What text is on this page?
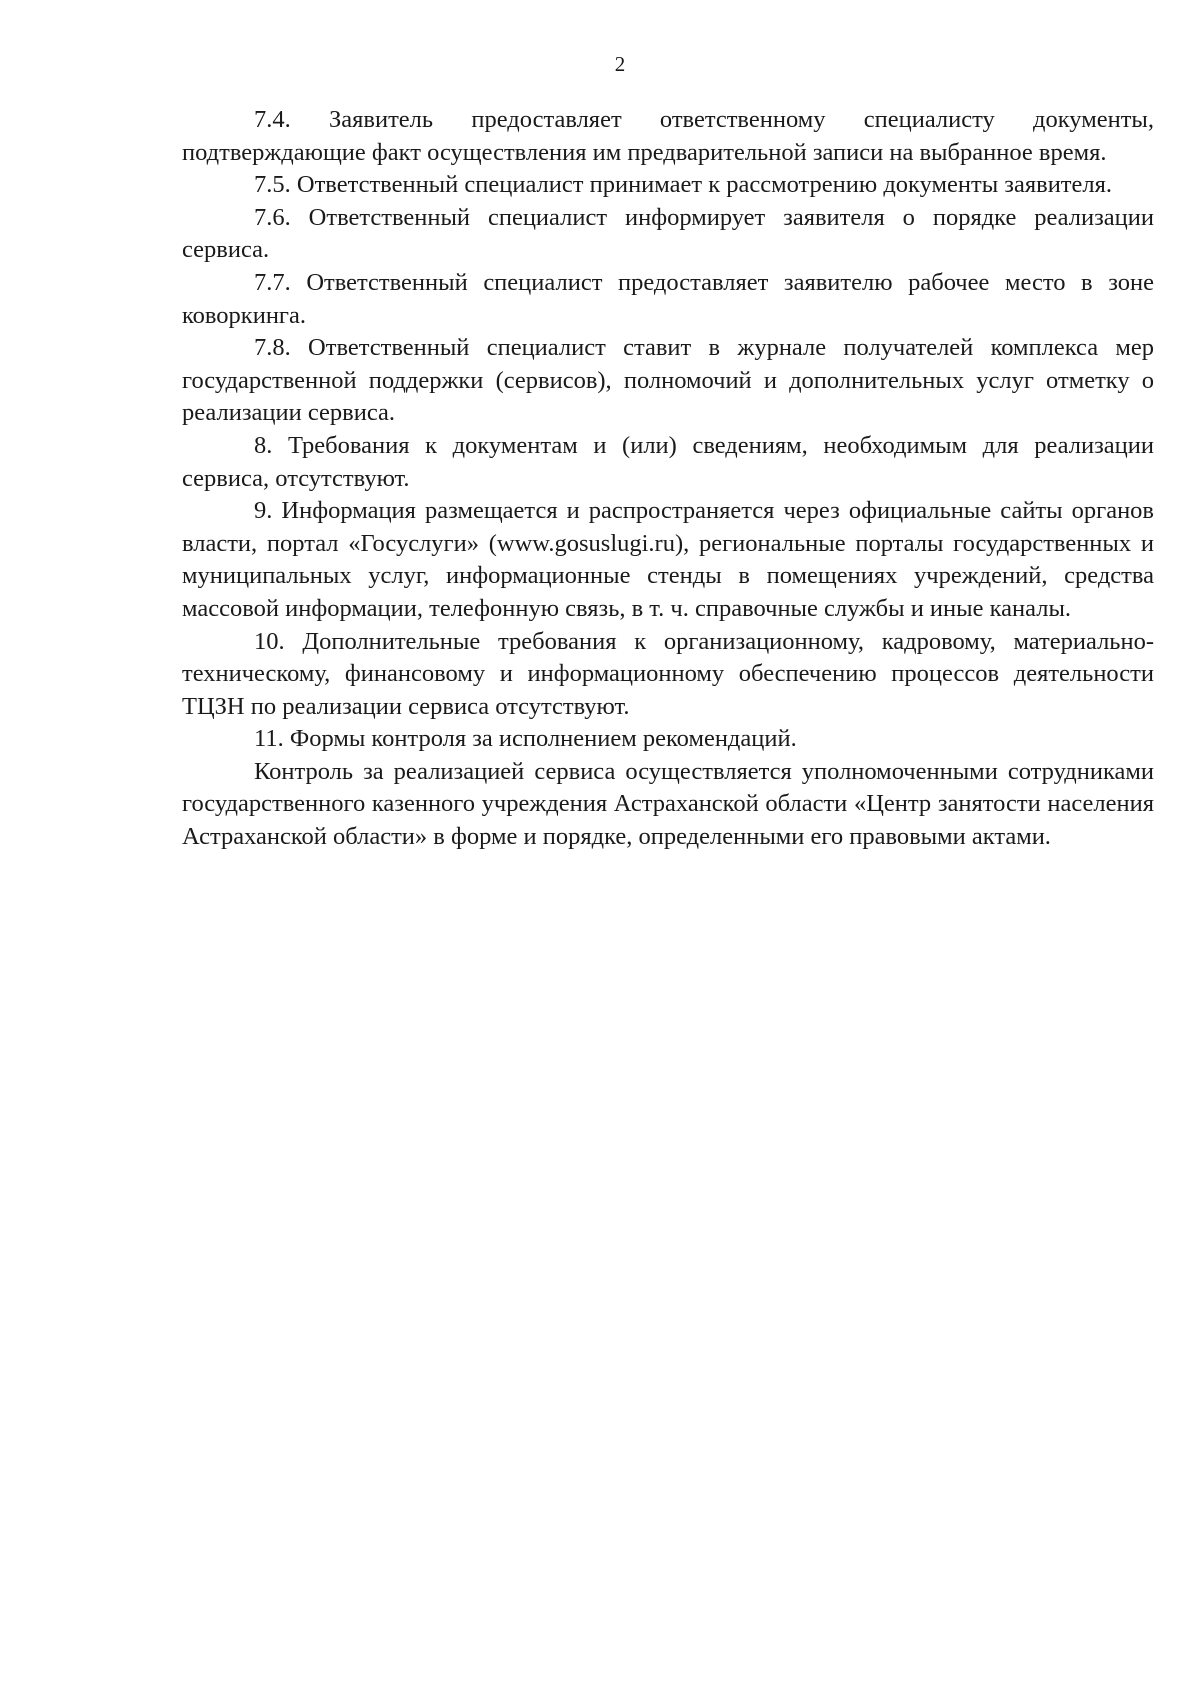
2

7.4. Заявитель предоставляет ответственному специалисту документы, подтверждающие факт осуществления им предварительной записи на выбранное время.

7.5. Ответственный специалист принимает к рассмотрению документы заявителя.

7.6. Ответственный специалист информирует заявителя о порядке реализации сервиса.

7.7. Ответственный специалист предоставляет заявителю рабочее место в зоне коворкинга.

7.8. Ответственный специалист ставит в журнале получателей комплекса мер государственной поддержки (сервисов), полномочий и дополнительных услуг отметку о реализации сервиса.

8. Требования к документам и (или) сведениям, необходимым для реализации сервиса, отсутствуют.

9. Информация размещается и распространяется через официальные сайты органов власти, портал «Госуслуги» (www.gosuslugi.ru), региональные порталы государственных и муниципальных услуг, информационные стенды в помещениях учреждений, средства массовой информации, телефонную связь, в т. ч. справочные службы и иные каналы.

10. Дополнительные требования к организационному, кадровому, материально-техническому, финансовому и информационному обеспечению процессов деятельности ТЦЗН по реализации сервиса отсутствуют.

11. Формы контроля за исполнением рекомендаций.

Контроль за реализацией сервиса осуществляется уполномоченными сотрудниками государственного казенного учреждения Астраханской области «Центр занятости населения Астраханской области» в форме и порядке, определенными его правовыми актами.
